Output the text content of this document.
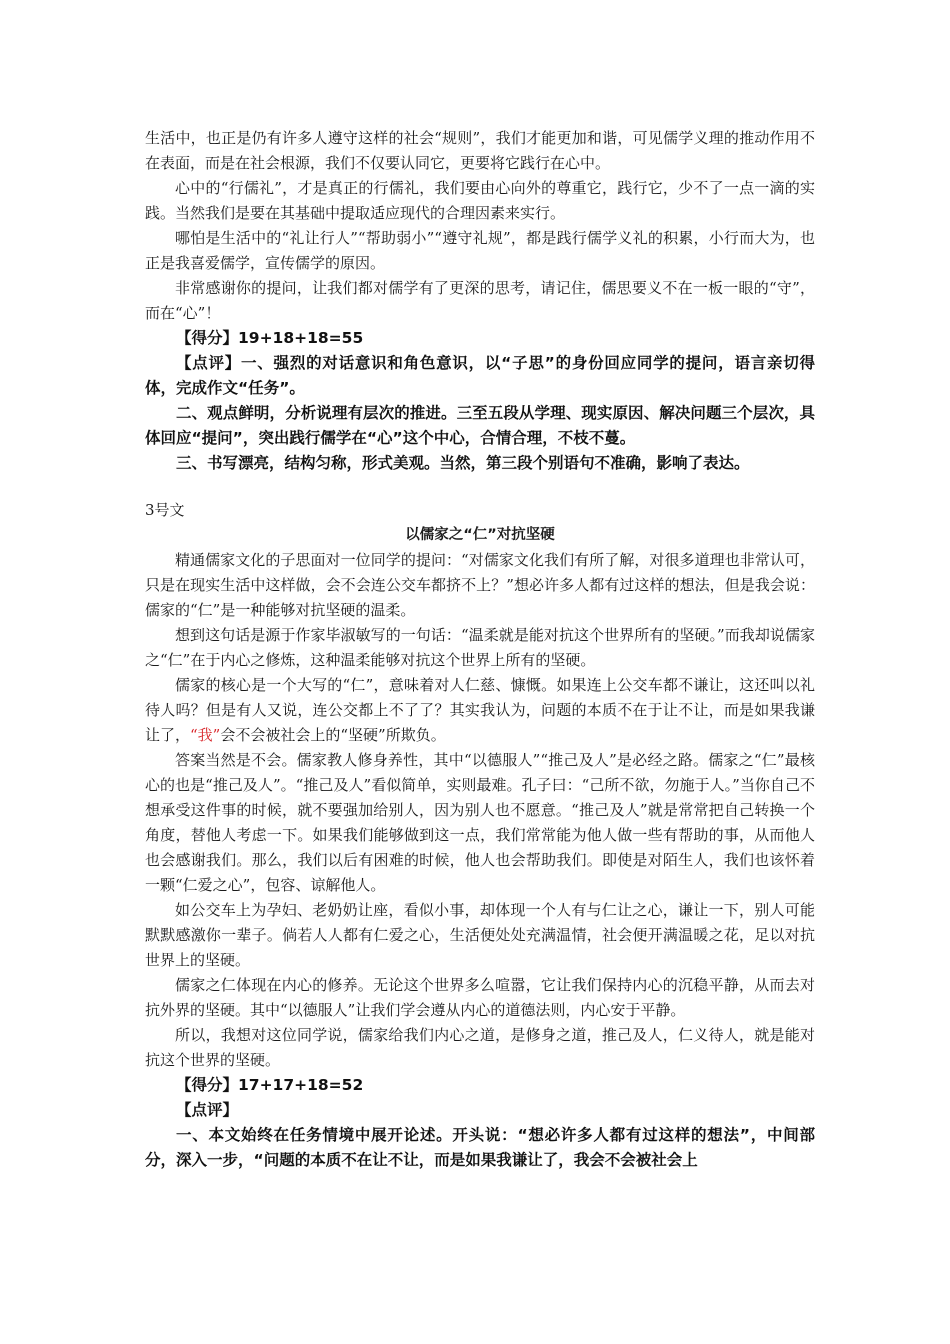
生活中，也正是仍有许多人遵守这样的社会“规则”，我们才能更加和谐，可见儒学义理的推动作用不在表面，而是在社会根源，我们不仅要认同它，更要将它践行在心中。

心中的“行儒礼”，才是真正的行儒礼，我们要由心向外的尊重它，践行它，少不了一点一滴的实践。当然我们是要在其基础中提取适应现代的合理因素来实行。

哪怕是生活中的“礼让行人”“帮助弱小”“遵守礼规”，都是践行儒学义礼的积累，小行而大为，也正是我喜爱儒学，宣传儒学的原因。

非常感谢你的提问，让我们都对儒学有了更深的思考，请记住，儒思要义不在一板一眼的“守”，而在“心”！

【得分】19+18+18=55

【点评】一、强烈的对话意识和角色意识，以“子思”的身份回应同学的提问，语言亲切得体，完成作文“任务”。

二、观点鲜明，分析说理有层次的推进。三至五段从学理、现实原因、解决问题三个层次，具体回应“提问”，突出践行儒学在“心”这个中心，合情合理，不枝不蔓。

三、书写漂亮，结构匀称，形式美观。当然，第三段个别语句不准确，影响了表达。

3号文

以儒家之“仁”对抗坚硬

精通儒家文化的子思面对一位同学的提问：“对儒家文化我们有所了解，对很多道理也非常认可，只是在现实生活中这样做，会不会连公交车都挤不上？”想必许多人都有过这样的想法，但是我会说：儒家的“仁”是一种能够对抗坚硬的温柔。

想到这句话是源于作家毕淑敏写的一句话：“温柔就是能对抗这个世界所有的坚硬。”而我却说儒家之“仁”在于内心之修炼，这种温柔能够对抗这个世界上所有的坚硬。

儒家的核心是一个大写的“仁”，意味着对人仁慈、慷慨。如果连上公交车都不谦让，这还叫以礼待人吗？但是有人又说，连公交都上不了了？其实我认为，问题的本质不在于让不让，而是如果我谦让了，“我”会不会被社会上的“坚硬”所欺负。

答案当然是不会。儒家教人修身养性，其中“以德服人”“推己及人”是必经之路。儒家之“仁”最核心的也是“推己及人”。“推己及人”看似简单，实则最难。孔子曰：“己所不欲，勿施于人。”当你自己不想承受这件事的时候，就不要强加给别人，因为别人也不愿意。“推己及人”就是常常把自己转换一个角度，替他人考虑一下。如果我们能够做到这一点，我们常常能为他人做一些有帮助的事，从而他人也会感谢我们。那么，我们以后有困难的时候，他人也会帮助我们。即使是对陌生人，我们也该怀着一颗“仁爱之心”，包容、谅解他人。

如公交车上为孕妇、老奶奶让座，看似小事，却体现一个人有与仁让之心，谦让一下，别人可能默默感激你一辈子。倘若人人都有仁爱之心，生活便处处充满温情，社会便开满温暖之花，足以对抗世界上的坚硬。

儒家之仁体现在内心的修养。无论这个世界多么喧嚣，它让我们保持内心的沉稳平静，从而去对抗外界的坚硬。其中“以德服人”让我们学会遵从内心的道德法则，内心安于平静。

所以，我想对这位同学说，儒家给我们内心之道，是修身之道，推己及人，仁义待人，就是能对抗这个世界的坚硬。

【得分】17+17+18=52

【点评】

一、本文始终在任务情境中展开论述。开头说：“想必许多人都有过这样的想法”，中间部分，深入一步，“问题的本质不在让不让，而是如果我谦让了，我会不会被社会上
